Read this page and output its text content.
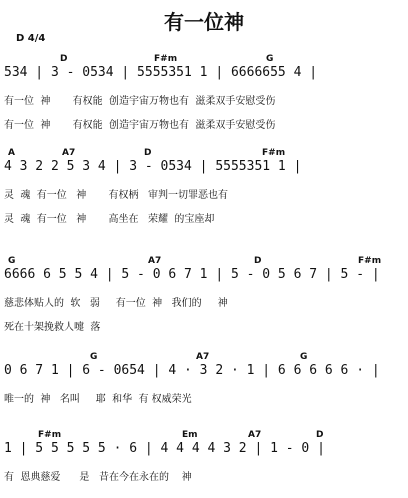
有一位神
D 4/4
D	F#m	G
534 | 3 - 0534 | 5555351 1 | 6666655 4 |
有一位  神       有权能  创造宇宙万物也有  滋柔双手安慰受伤
有一位  神       有权能  创造宇宙万物也有  滋柔双手安慰受伤
A	A7	D	F#m
4 3 2 2 5 3 4 | 3 - 0534 | 5555351 1 |
灵  魂  有一位   神       有权柄   审判一切罪恶也有
灵  魂  有一位   神       高坐在   荣耀  的宝座却
G	A7	D	F#m
6666 6 5 5 4 | 5 - 0 6 7 1 | 5 - 0 5 6 7 | 5 - |
慈悲体贴人的  软   弱     有一位  神   我们的     神
死在十架挽救人嚏  落
G	A7	G
0 6 7 1 | 6 - 0654 | 4 · 3 2 · 1 | 6 6 6 6 6 · |
唯一的  神   名叫     耶  和华  有 权威荣光
F#m	Em	A7	D
1 | 5 5 5 5 5 · 6 | 4 4 4 4 3 2 | 1 - 0 |
有  恩典慈爱      是   昔在今在永在的    神
